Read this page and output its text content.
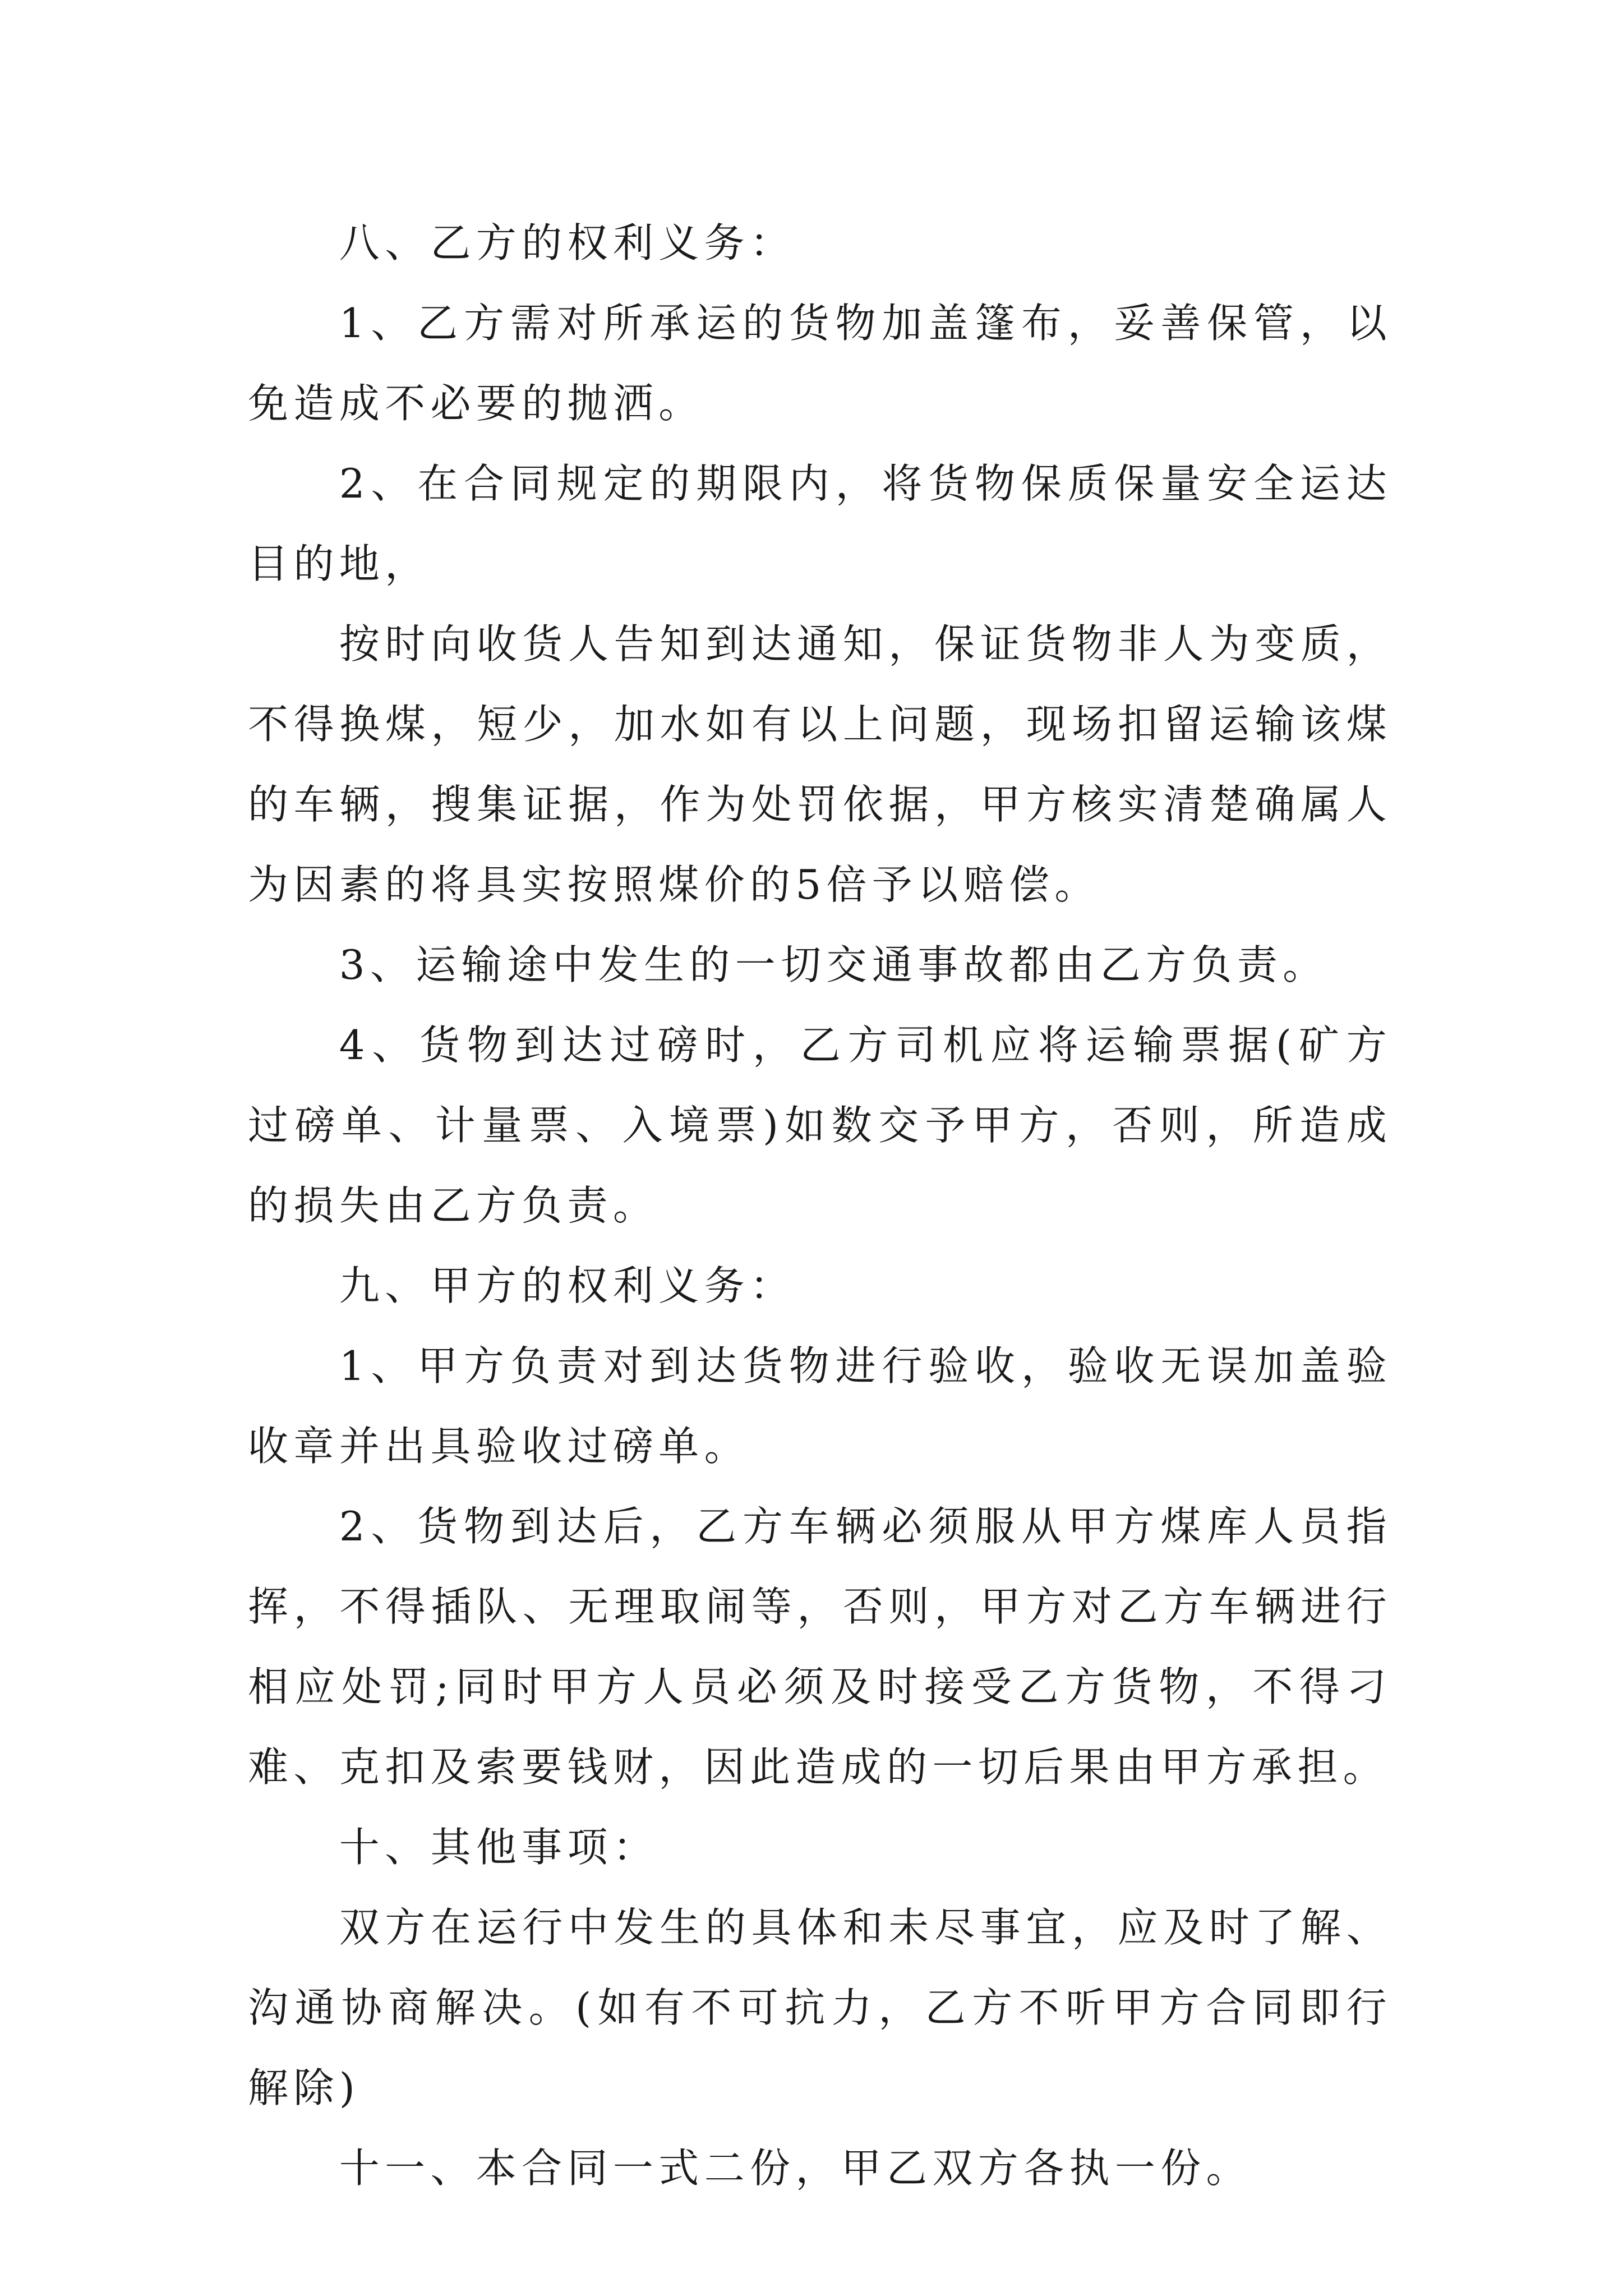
八、乙方的权利义务：

1、乙方需对所承运的货物加盖篷布，妥善保管，以免造成不必要的抛洒。

2、在合同规定的期限内，将货物保质保量安全运达目的地，

按时向收货人告知到达通知，保证货物非人为变质，不得换煤，短少，加水如有以上问题，现场扣留运输该煤的车辆，搜集证据，作为处罚依据，甲方核实清楚确属人为因素的将具实按照煤价的5倍予以赔偿。

3、运输途中发生的一切交通事故都由乙方负责。

4、货物到达过磅时，乙方司机应将运输票据(矿方过磅单、计量票、入境票)如数交予甲方，否则，所造成的损失由乙方负责。

九、甲方的权利义务：

1、甲方负责对到达货物进行验收，验收无误加盖验收章并出具验收过磅单。

2、货物到达后，乙方车辆必须服从甲方煤库人员指挥，不得插队、无理取闹等，否则，甲方对乙方车辆进行相应处罚;同时甲方人员必须及时接受乙方货物，不得刁难、克扣及索要钱财，因此造成的一切后果由甲方承担。

十、其他事项：

双方在运行中发生的具体和未尽事宜，应及时了解、沟通协商解决。(如有不可抗力，乙方不听甲方合同即行解除)

十一、本合同一式二份，甲乙双方各执一份。
